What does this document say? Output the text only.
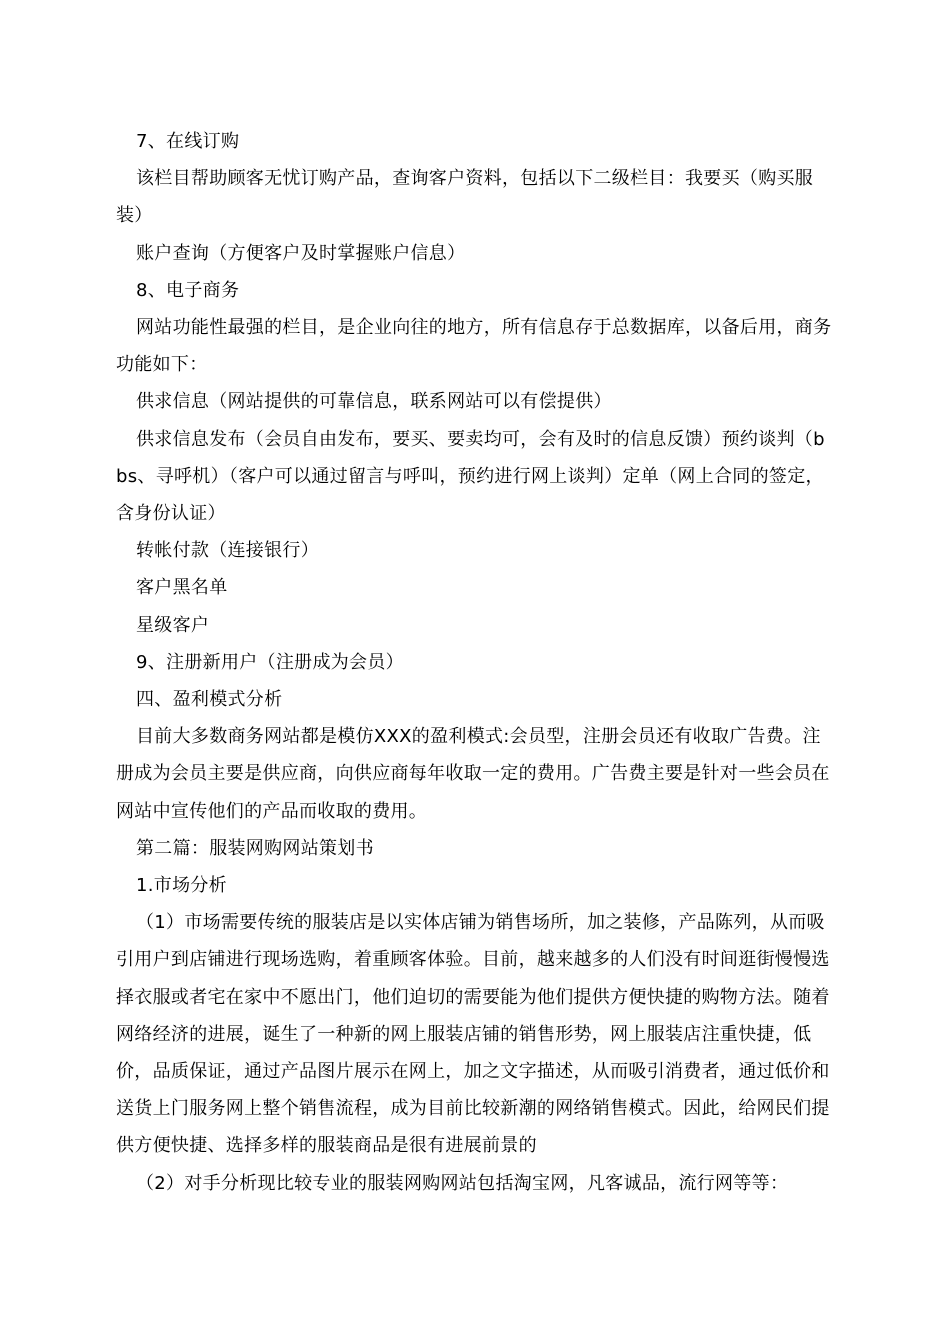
7、在线订购

该栏目帮助顾客无忧订购产品，查询客户资料，包括以下二级栏目：我要买（购买服装）

账户查询（方便客户及时掌握账户信息）

8、电子商务

网站功能性最强的栏目，是企业向往的地方，所有信息存于总数据库，以备后用，商务功能如下：

供求信息（网站提供的可靠信息，联系网站可以有偿提供）

供求信息发布（会员自由发布，要买、要卖均可，会有及时的信息反馈）预约谈判（bbs、寻呼机）（客户可以通过留言与呼叫，预约进行网上谈判）定单（网上合同的签定，含身份认证）

转帐付款（连接银行）

客户黑名单

星级客户

9、注册新用户（注册成为会员）

四、盈利模式分析

目前大多数商务网站都是模仿XXX的盈利模式:会员型，注册会员还有收取广告费。注册成为会员主要是供应商，向供应商每年收取一定的费用。广告费主要是针对一些会员在网站中宣传他们的产品而收取的费用。

第二篇：服装网购网站策划书

1.市场分析

（1）市场需要传统的服装店是以实体店铺为销售场所，加之装修，产品陈列，从而吸引用户到店铺进行现场选购，着重顾客体验。目前，越来越多的人们没有时间逛街慢慢选择衣服或者宅在家中不愿出门，他们迫切的需要能为他们提供方便快捷的购物方法。随着网络经济的进展，诞生了一种新的网上服装店铺的销售形势，网上服装店注重快捷，低价，品质保证，通过产品图片展示在网上，加之文字描述，从而吸引消费者，通过低价和送货上门服务网上整个销售流程，成为目前比较新潮的网络销售模式。因此，给网民们提供方便快捷、选择多样的服装商品是很有进展前景的

（2）对手分析现比较专业的服装网购网站包括淘宝网，凡客诚品，流行网等等：
